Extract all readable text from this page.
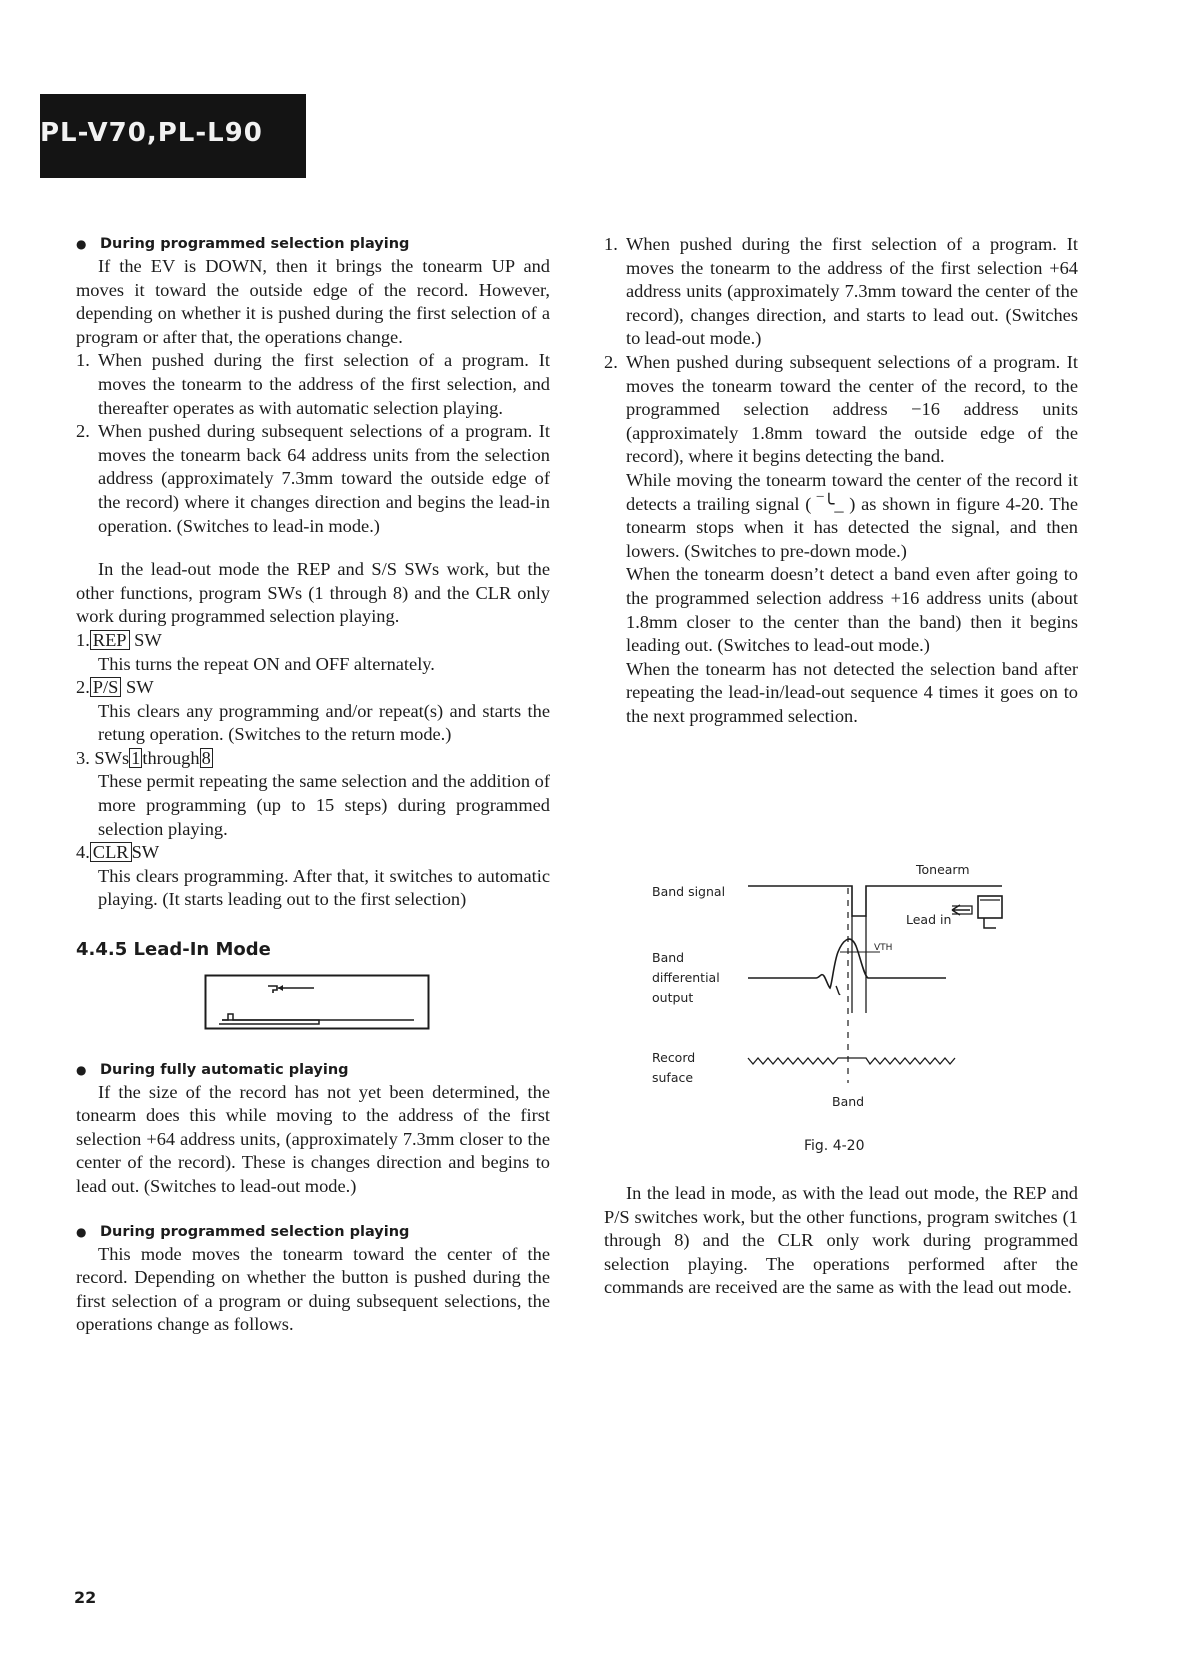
PL-V70,PL-L90
● During programmed selection playing

If the EV is DOWN, then it brings the tonearm UP and moves it toward the outside edge of the record. However, depending on whether it is pushed during the first selection of a program or after that, the operations change.

1. When pushed during the first selection of a program. It moves the tonearm to the address of the first selection, and thereafter operates as with automatic selection playing.

2. When pushed during subsequent selections of a program. It moves the tonearm back 64 address units from the selection address (approximately 7.3mm toward the outside edge of the record) where it changes direction and begins the lead-in operation. (Switches to lead-in mode.)

In the lead-out mode the REP and S/S SWs work, but the other functions, program SWs (1 through 8) and the CLR only work during programmed selection playing.

1. REP SW

This turns the repeat ON and OFF alternately.

2. P/S SW

This clears any programming and/or repeat(s) and starts the retung operation. (Switches to the return mode.)

3. SWs 1 through 8

These permit repeating the same selection and the addition of more programming (up to 15 steps) during programmed selection playing.

4. CLR SW

This clears programming. After that, it switches to automatic playing. (It starts leading out to the first selection)

4.4.5 Lead-In Mode
● During fully automatic playing

If the size of the record has not yet been determined, the tonearm does this while moving to the address of the first selection +64 address units, (approximately 7.3mm closer to the center of the record). These is changes direction and begins to lead out. (Switches to lead-out mode.)

● During programmed selection playing

This mode moves the tonearm toward the center of the record. Depending on whether the button is pushed during the first selection of a program or duing subsequent selections, the operations change as follows.

1. When pushed during the first selection of a program. It moves the tonearm to the address of the first selection +64 address units (approximately 7.3mm toward the center of the record), changes direction, and starts to lead out. (Switches to lead-out mode.)

2. When pushed during subsequent selections of a program. It moves the tonearm toward the center of the record, to the programmed selection address −16 address units (approximately 1.8mm toward the outside edge of the record), where it begins detecting the band.

While moving the tonearm toward the center of the record it detects a trailing signal ( ‾╰_ ) as shown in figure 4-20. The tonearm stops when it has detected the signal, and then lowers. (Switches to pre-down mode.)

When the tonearm doesn’t detect a band even after going to the programmed selection address +16 address units (about 1.8mm closer to the center than the band) then it begins leading out. (Switches to lead-out mode.)

When the tonearm has not detected the selection band after repeating the lead-in/lead-out sequence 4 times it goes on to the next programmed selection.

Tonearm
Band signal
Lead in
VTH
Band
differential
output
Record
suface
Band
Fig. 4-20

In the lead in mode, as with the lead out mode, the REP and P/S switches work, but the other functions, program switches (1 through 8) and the CLR only work during programmed selection playing. The operations performed after the commands are received are the same as with the lead out mode.

22
